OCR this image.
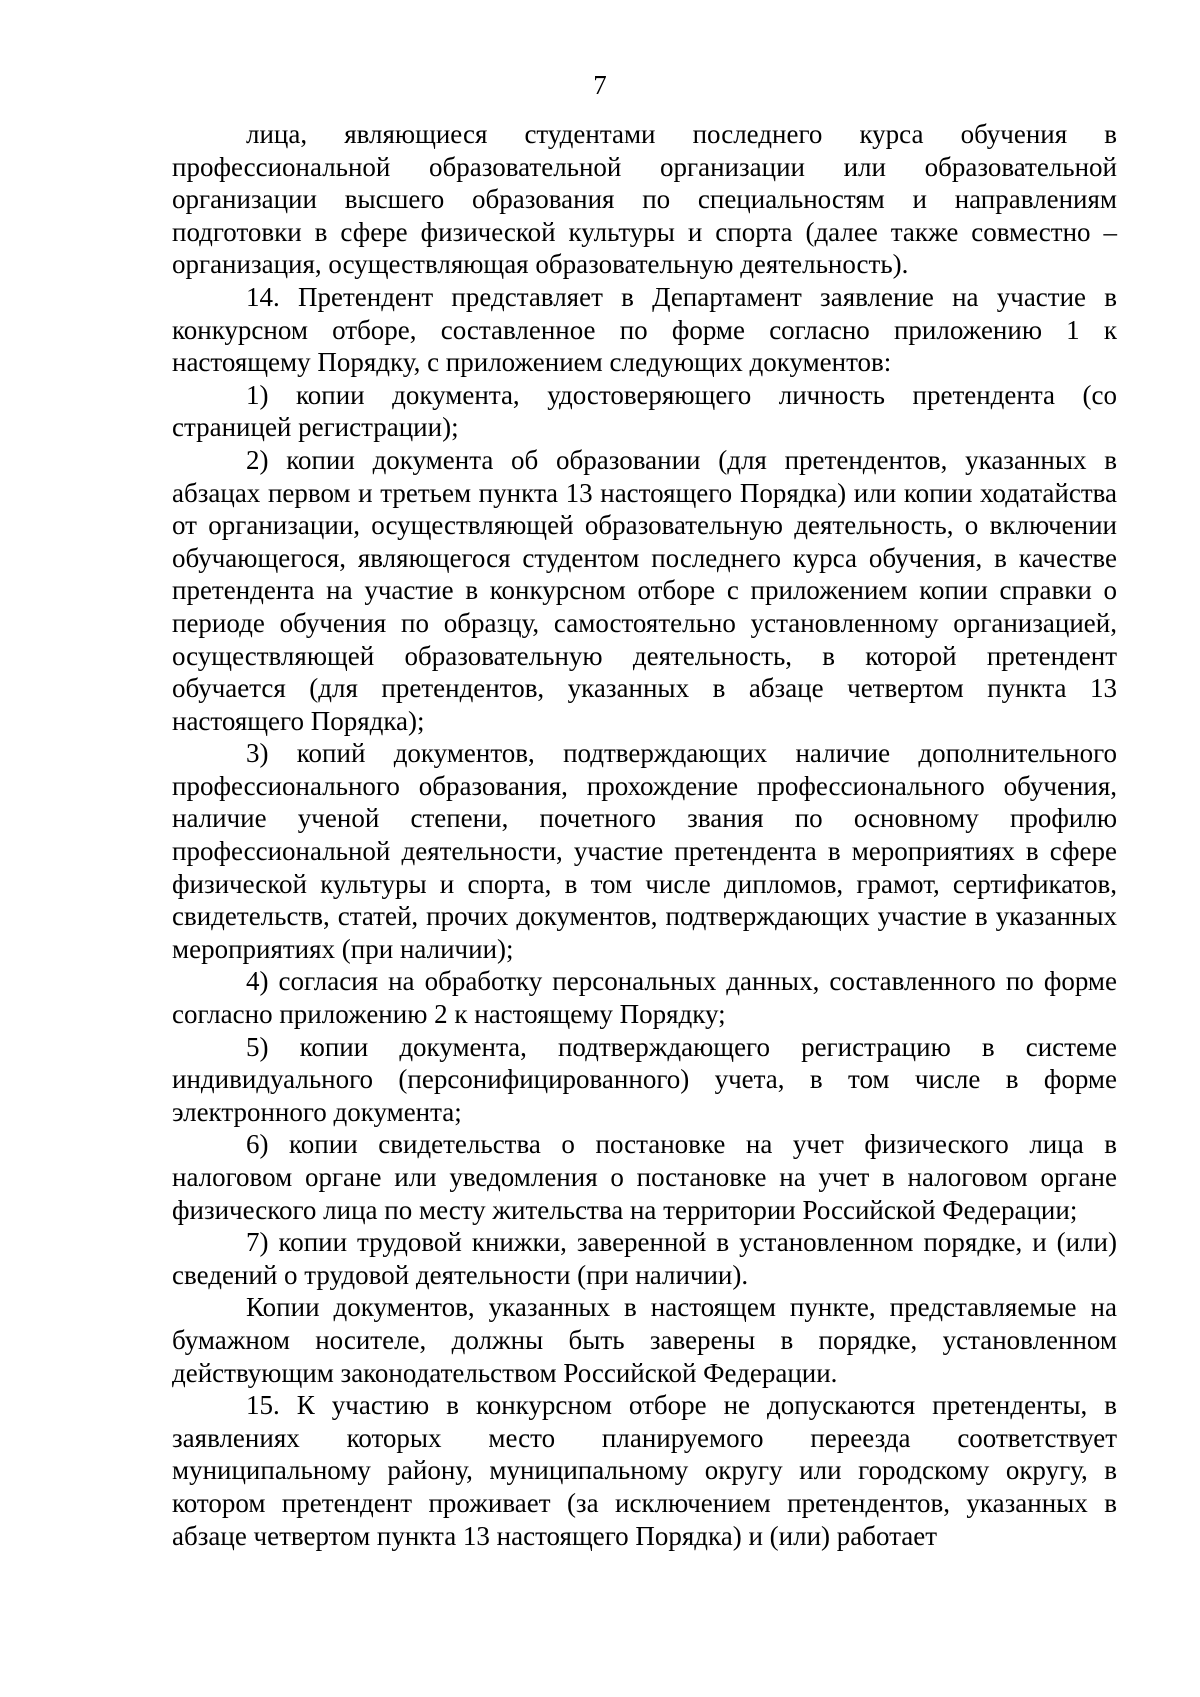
7

лица, являющиеся студентами последнего курса обучения в профессиональной образовательной организации или образовательной организации высшего образования по специальностям и направлениям подготовки в сфере физической культуры и спорта (далее также совместно – организация, осуществляющая образовательную деятельность).

14. Претендент представляет в Департамент заявление на участие в конкурсном отборе, составленное по форме согласно приложению 1 к настоящему Порядку, с приложением следующих документов:

1) копии документа, удостоверяющего личность претендента (со страницей регистрации);

2) копии документа об образовании (для претендентов, указанных в абзацах первом и третьем пункта 13 настоящего Порядка) или копии ходатайства от организации, осуществляющей образовательную деятельность, о включении обучающегося, являющегося студентом последнего курса обучения, в качестве претендента на участие в конкурсном отборе с приложением копии справки о периоде обучения по образцу, самостоятельно установленному организацией, осуществляющей образовательную деятельность, в которой претендент обучается (для претендентов, указанных в абзаце четвертом пункта 13 настоящего Порядка);

3) копий документов, подтверждающих наличие дополнительного профессионального образования, прохождение профессионального обучения, наличие ученой степени, почетного звания по основному профилю профессиональной деятельности, участие претендента в мероприятиях в сфере физической культуры и спорта, в том числе дипломов, грамот, сертификатов, свидетельств, статей, прочих документов, подтверждающих участие в указанных мероприятиях (при наличии);

4) согласия на обработку персональных данных, составленного по форме согласно приложению 2 к настоящему Порядку;

5) копии документа, подтверждающего регистрацию в системе индивидуального (персонифицированного) учета, в том числе в форме электронного документа;

6) копии свидетельства о постановке на учет физического лица в налоговом органе или уведомления о постановке на учет в налоговом органе физического лица по месту жительства на территории Российской Федерации;

7) копии трудовой книжки, заверенной в установленном порядке, и (или) сведений о трудовой деятельности (при наличии).

Копии документов, указанных в настоящем пункте, представляемые на бумажном носителе, должны быть заверены в порядке, установленном действующим законодательством Российской Федерации.

15. К участию в конкурсном отборе не допускаются претенденты, в заявлениях которых место планируемого переезда соответствует муниципальному району, муниципальному округу или городскому округу, в котором претендент проживает (за исключением претендентов, указанных в абзаце четвертом пункта 13 настоящего Порядка) и (или) работает
